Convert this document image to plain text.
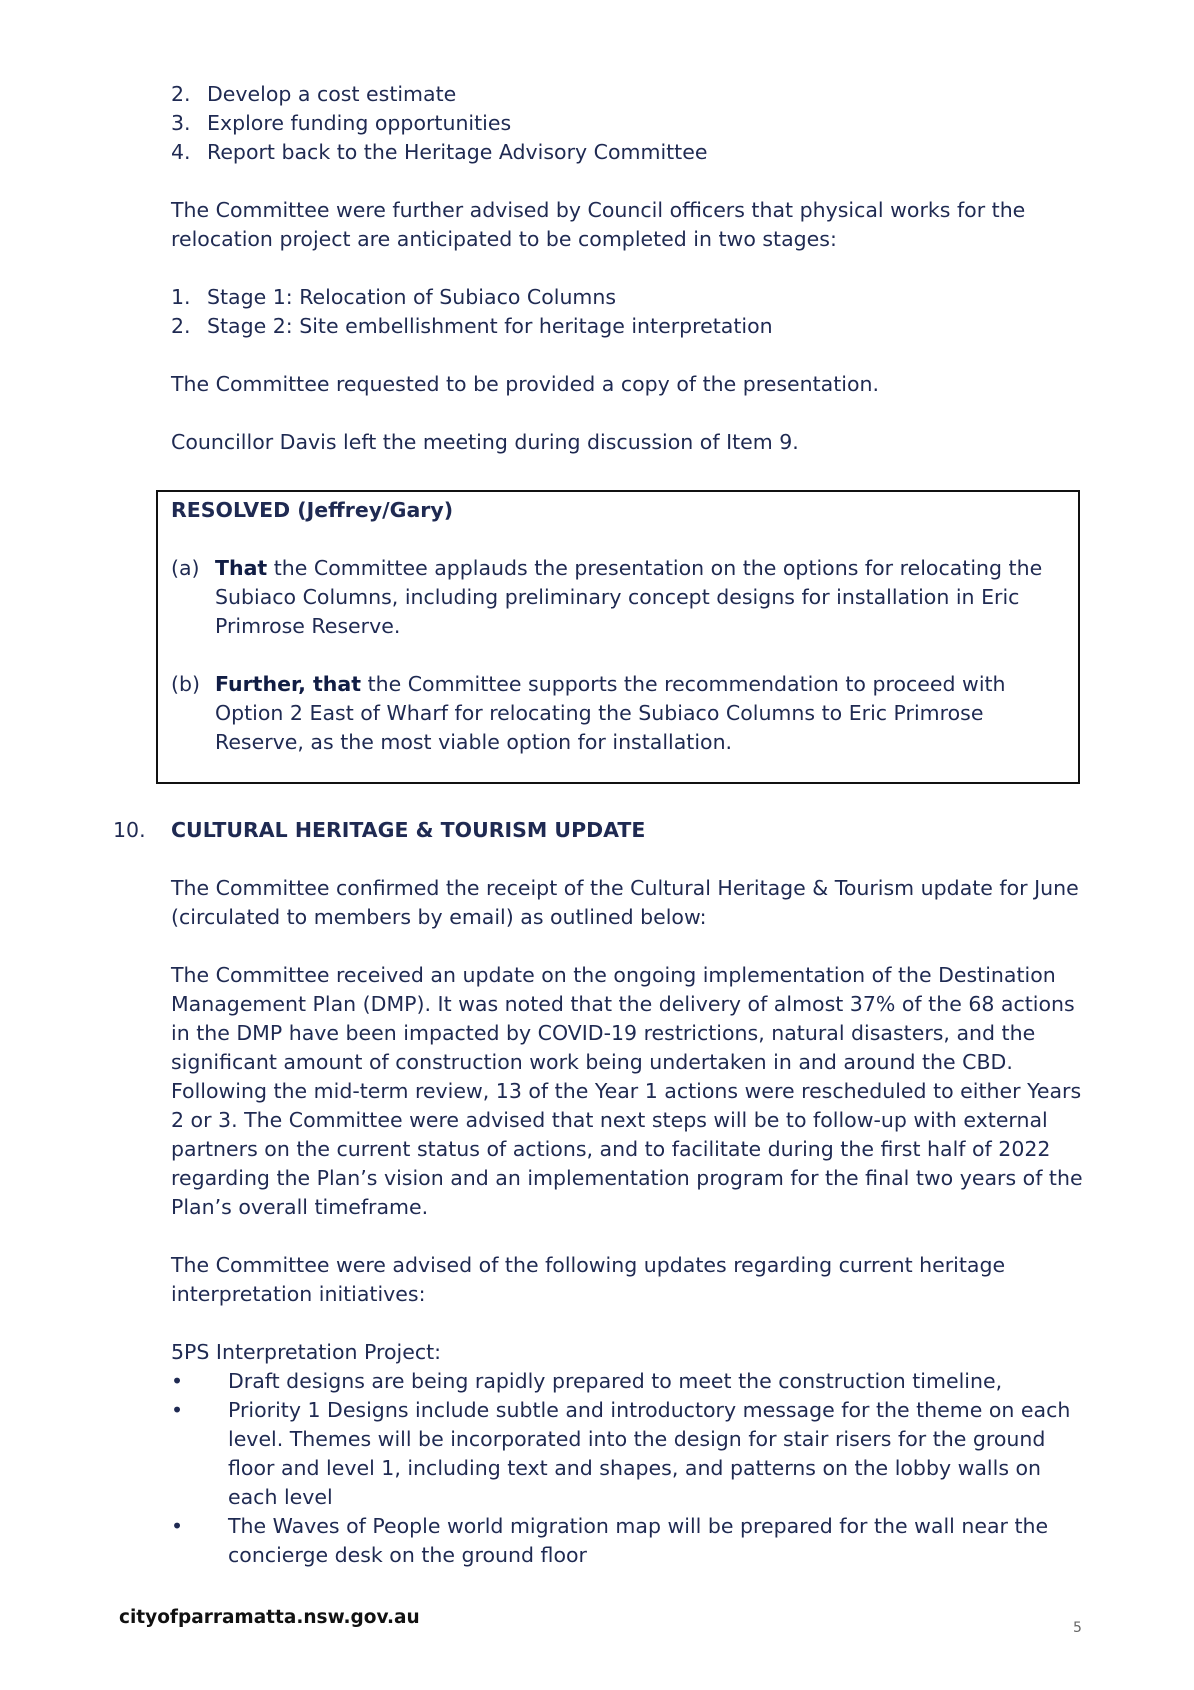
2. Develop a cost estimate
3. Explore funding opportunities
4. Report back to the Heritage Advisory Committee

The Committee were further advised by Council officers that physical works for the relocation project are anticipated to be completed in two stages:

1. Stage 1: Relocation of Subiaco Columns
2. Stage 2: Site embellishment for heritage interpretation

The Committee requested to be provided a copy of the presentation.

Councillor Davis left the meeting during discussion of Item 9.

RESOLVED (Jeffrey/Gary)
(a) That the Committee applauds the presentation on the options for relocating the Subiaco Columns, including preliminary concept designs for installation in Eric Primrose Reserve.
(b) Further, that the Committee supports the recommendation to proceed with Option 2 East of Wharf for relocating the Subiaco Columns to Eric Primrose Reserve, as the most viable option for installation.
10. CULTURAL HERITAGE & TOURISM UPDATE

The Committee confirmed the receipt of the Cultural Heritage & Tourism update for June (circulated to members by email) as outlined below:

The Committee received an update on the ongoing implementation of the Destination Management Plan (DMP). It was noted that the delivery of almost 37% of the 68 actions in the DMP have been impacted by COVID-19 restrictions, natural disasters, and the significant amount of construction work being undertaken in and around the CBD. Following the mid-term review, 13 of the Year 1 actions were rescheduled to either Years 2 or 3. The Committee were advised that next steps will be to follow-up with external partners on the current status of actions, and to facilitate during the first half of 2022 regarding the Plan’s vision and an implementation program for the final two years of the Plan’s overall timeframe.

The Committee were advised of the following updates regarding current heritage interpretation initiatives:

5PS Interpretation Project:
•	Draft designs are being rapidly prepared to meet the construction timeline,
•	Priority 1 Designs include subtle and introductory message for the theme on each level. Themes will be incorporated into the design for stair risers for the ground floor and level 1, including text and shapes, and patterns on the lobby walls on each level
•	The Waves of People world migration map will be prepared for the wall near the concierge desk on the ground floor
cityofparramatta.nsw.gov.au	5
